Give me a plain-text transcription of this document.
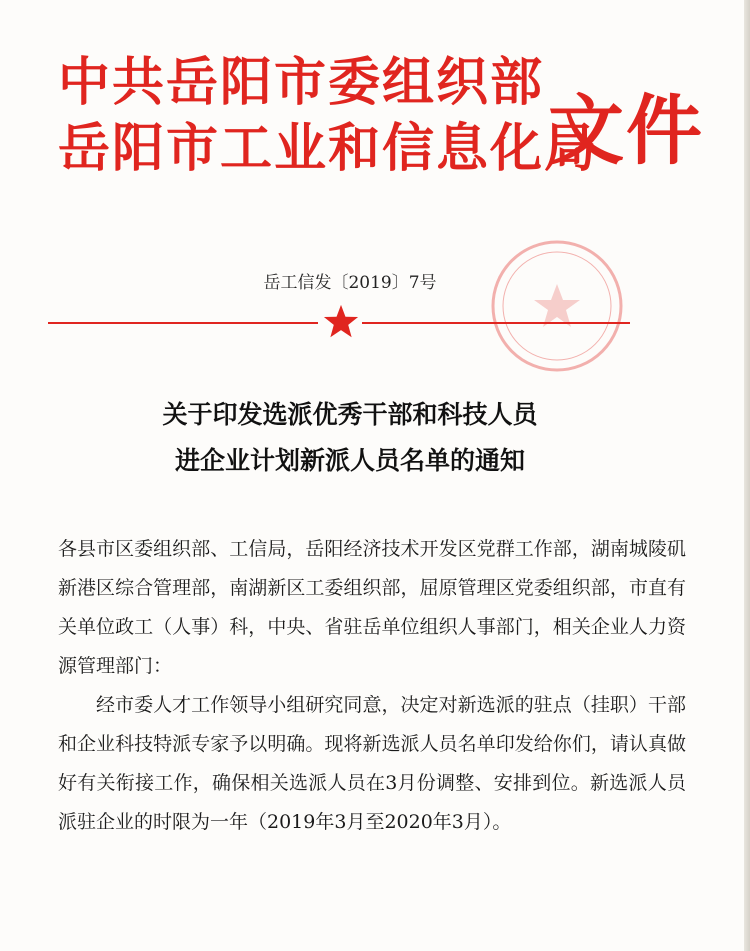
中共岳阳市委组织部
岳阳市工业和信息化局
文件
岳工信发〔2019〕7号
关于印发选派优秀干部和科技人员
进企业计划新派人员名单的通知

各县市区委组织部、工信局，岳阳经济技术开发区党群工作部，湖南城陵矶新港区综合管理部，南湖新区工委组织部，屈原管理区党委组织部，市直有关单位政工（人事）科，中央、省驻岳单位组织人事部门，相关企业人力资源管理部门：

经市委人才工作领导小组研究同意，决定对新选派的驻点（挂职）干部和企业科技特派专家予以明确。现将新选派人员名单印发给你们，请认真做好有关衔接工作，确保相关选派人员在3月份调整、安排到位。新选派人员派驻企业的时限为一年（2019年3月至2020年3月）。
